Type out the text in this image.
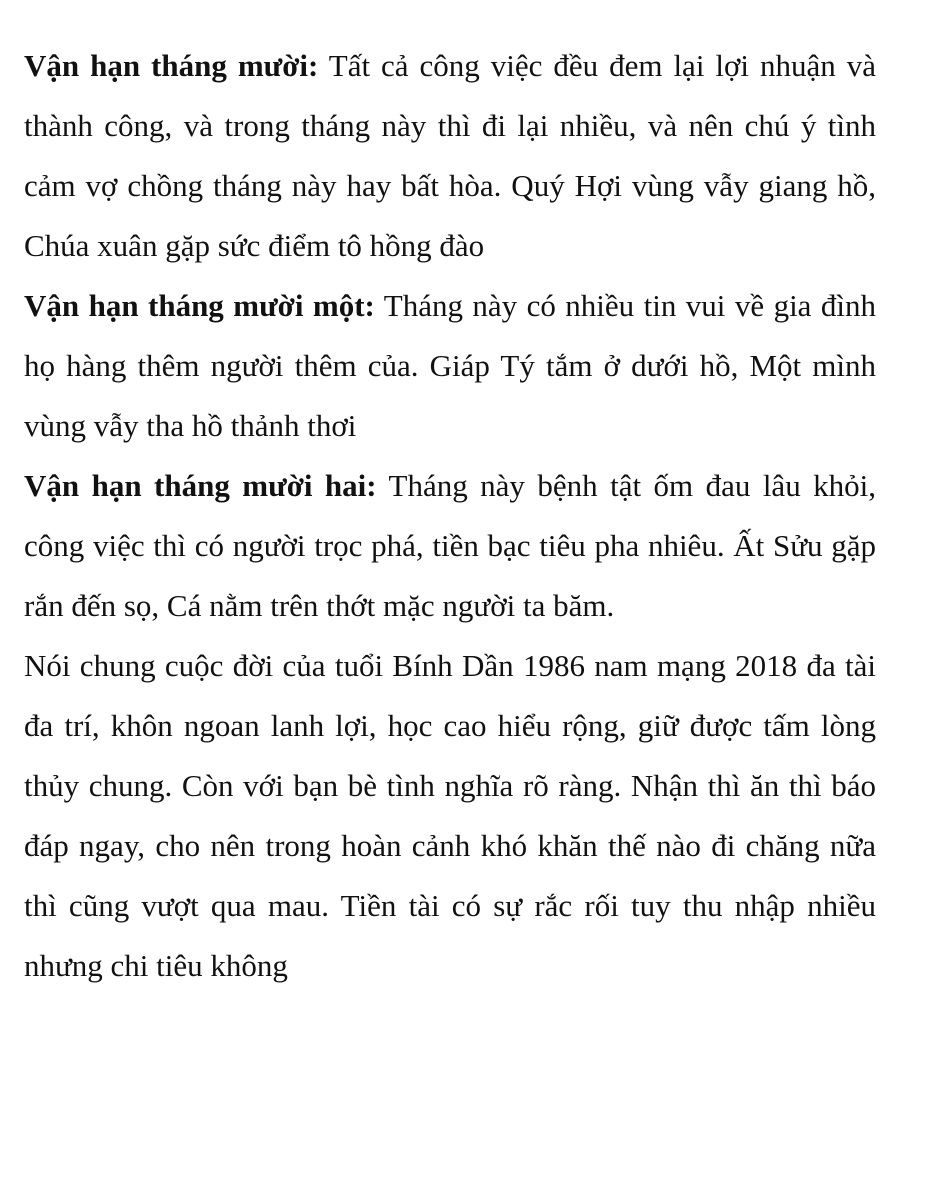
Vận hạn tháng mười: Tất cả công việc đều đem lại lợi nhuận và thành công, và trong tháng này thì đi lại nhiều, và nên chú ý tình cảm vợ chồng tháng này hay bất hòa. Quý Hợi vùng vẫy giang hồ, Chúa xuân gặp sức điểm tô hồng đào

Vận hạn tháng mười một: Tháng này có nhiều tin vui về gia đình họ hàng thêm người thêm của. Giáp Tý tắm ở dưới hồ, Một mình vùng vẫy tha hồ thảnh thơi

Vận hạn tháng mười hai: Tháng này bệnh tật ốm đau lâu khỏi, công việc thì có người trọc phá, tiền bạc tiêu pha nhiêu. Ất Sửu gặp rắn đến sọ, Cá nằm trên thớt mặc người ta băm.

Nói chung cuộc đời của tuổi Bính Dần 1986 nam mạng 2018 đa tài đa trí, khôn ngoan lanh lợi, học cao hiểu rộng, giữ được tấm lòng thủy chung. Còn với bạn bè tình nghĩa rõ ràng. Nhận thì ăn thì báo đáp ngay, cho nên trong hoàn cảnh khó khăn thế nào đi chăng nữa thì cũng vượt qua mau. Tiền tài có sự rắc rối tuy thu nhập nhiều nhưng chi tiêu không
